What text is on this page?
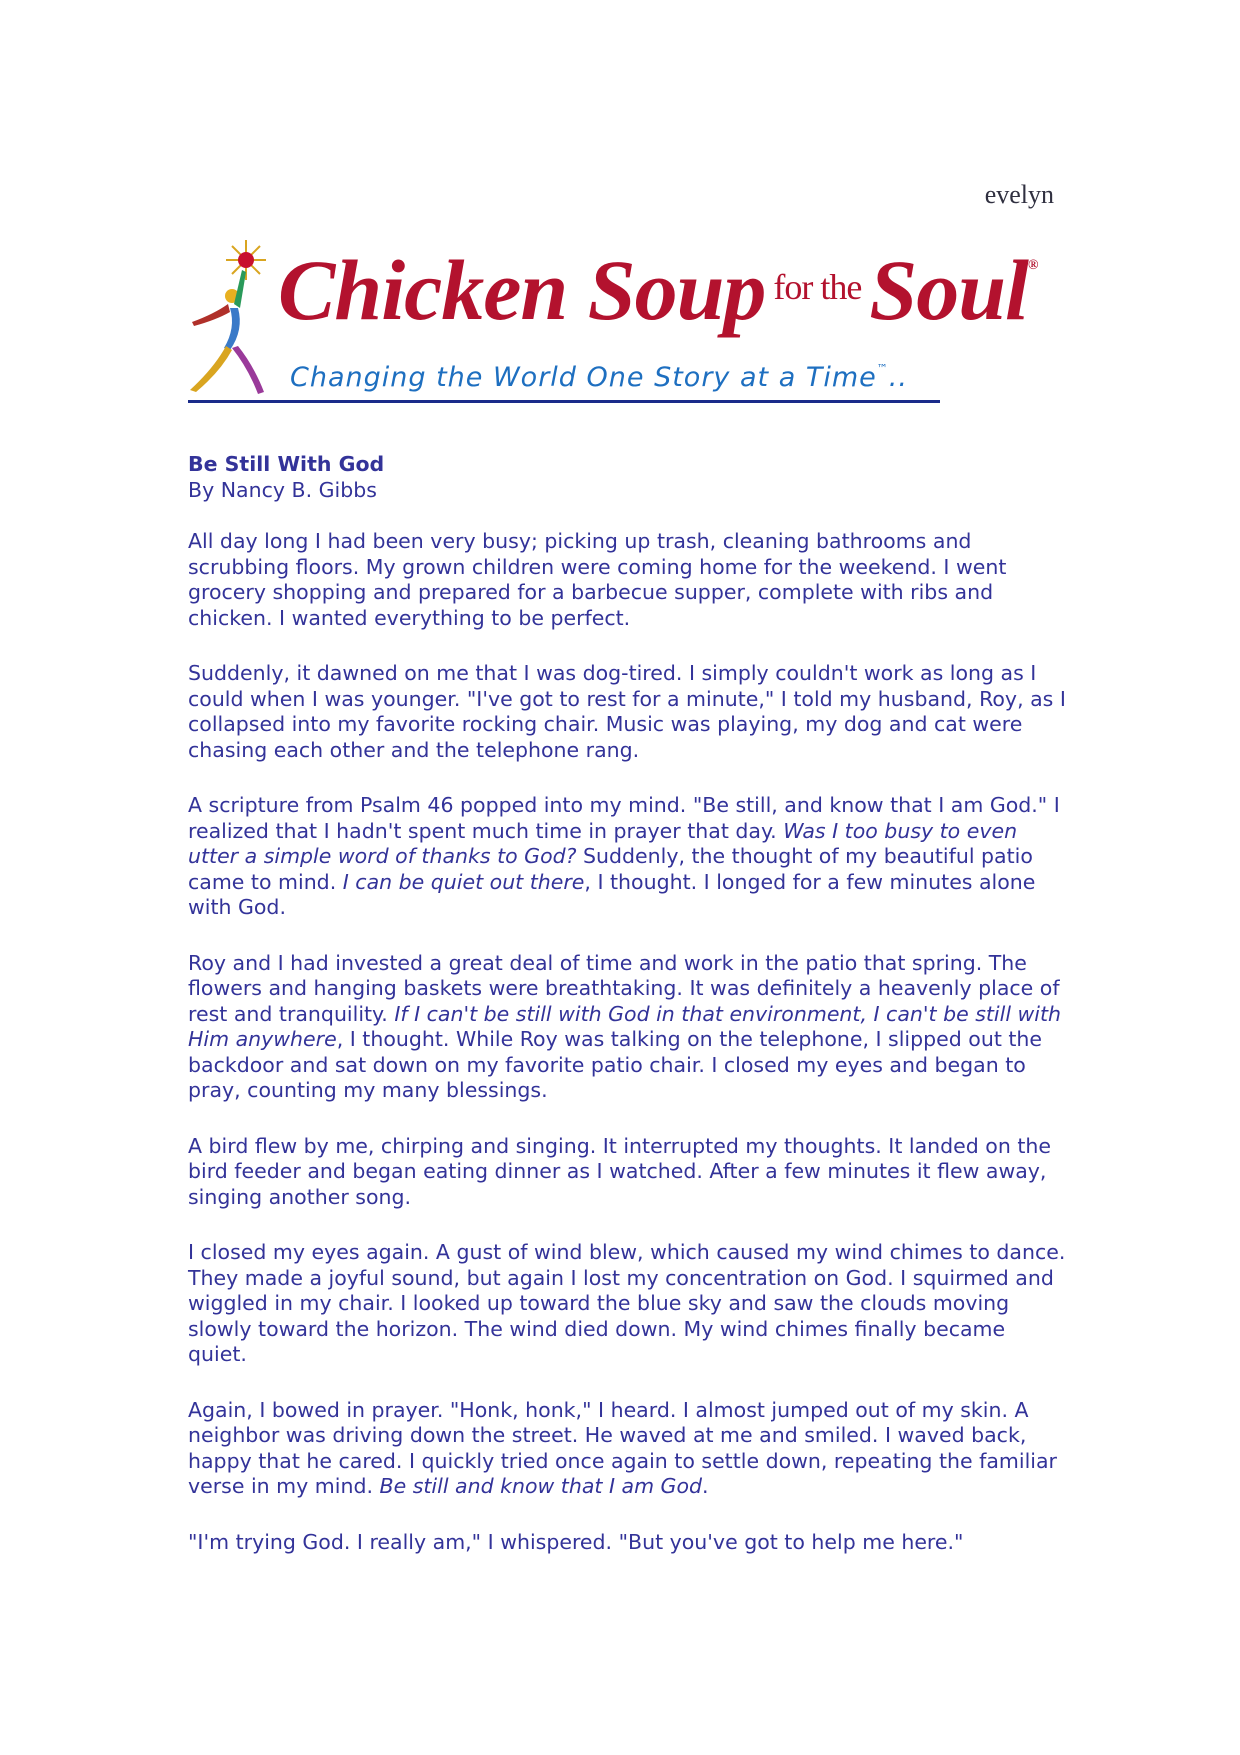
evelyn
Chicken Soup for theSoul®
Changing the World One Story at a Time™..
Be Still With God
By Nancy B. Gibbs

All day long I had been very busy; picking up trash, cleaning bathrooms and scrubbing floors. My grown children were coming home for the weekend. I went grocery shopping and prepared for a barbecue supper, complete with ribs and chicken. I wanted everything to be perfect.

Suddenly, it dawned on me that I was dog-tired. I simply couldn't work as long as I could when I was younger. "I've got to rest for a minute," I told my husband, Roy, as I collapsed into my favorite rocking chair. Music was playing, my dog and cat were chasing each other and the telephone rang.

A scripture from Psalm 46 popped into my mind. "Be still, and know that I am God." I realized that I hadn't spent much time in prayer that day. Was I too busy to even utter a simple word of thanks to God? Suddenly, the thought of my beautiful patio came to mind. I can be quiet out there, I thought. I longed for a few minutes alone with God.

Roy and I had invested a great deal of time and work in the patio that spring. The flowers and hanging baskets were breathtaking. It was definitely a heavenly place of rest and tranquility. If I can't be still with God in that environment, I can't be still with Him anywhere, I thought. While Roy was talking on the telephone, I slipped out the backdoor and sat down on my favorite patio chair. I closed my eyes and began to pray, counting my many blessings.

A bird flew by me, chirping and singing. It interrupted my thoughts. It landed on the bird feeder and began eating dinner as I watched. After a few minutes it flew away, singing another song.

I closed my eyes again. A gust of wind blew, which caused my wind chimes to dance. They made a joyful sound, but again I lost my concentration on God. I squirmed and wiggled in my chair. I looked up toward the blue sky and saw the clouds moving slowly toward the horizon. The wind died down. My wind chimes finally became quiet.

Again, I bowed in prayer. "Honk, honk," I heard. I almost jumped out of my skin. A neighbor was driving down the street. He waved at me and smiled. I waved back, happy that he cared. I quickly tried once again to settle down, repeating the familiar verse in my mind. Be still and know that I am God.

"I'm trying God. I really am," I whispered. "But you've got to help me here."
